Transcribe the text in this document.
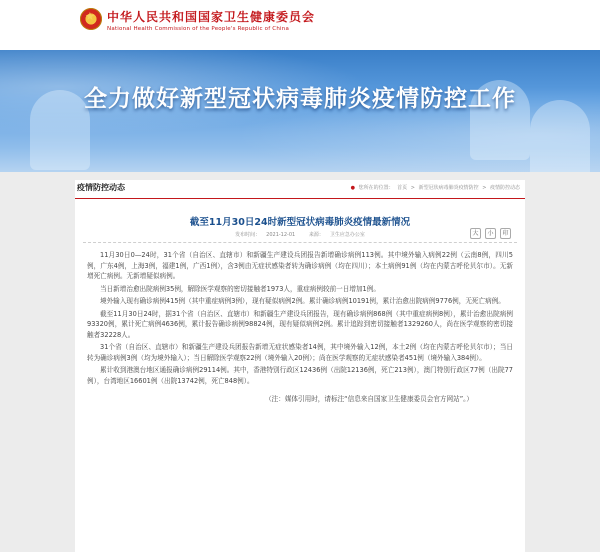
★
中华人民共和国国家卫生健康委员会
National Health Commission of the People's Republic of China
全力做好新型冠状病毒肺炎疫情防控工作
疫情防控动态	● 您所在的位置： 首页 > 新型冠状病毒肺炎疫情防控 > 疫情防控动态
截至11月30日24时新型冠状病毒肺炎疫情最新情况
发布时间： 2021-12-01	来源： 卫生应急办公室	大	小	印

11月30日0—24时，31个省（自治区、直辖市）和新疆生产建设兵团报告新增确诊病例113例。其中境外输入病例22例（云南8例，四川5例，广东4例，上海3例，福建1例，广西1例），含3例由无症状感染者转为确诊病例（均在四川）；本土病例91例（均在内蒙古呼伦贝尔市）。无新增死亡病例。无新增疑似病例。

当日新增治愈出院病例35例，解除医学观察的密切接触者1973人，重症病例较前一日增加1例。

境外输入现有确诊病例415例（其中重症病例3例），现有疑似病例2例。累计确诊病例10191例，累计治愈出院病例9776例，无死亡病例。

截至11月30日24时，据31个省（自治区、直辖市）和新疆生产建设兵团报告，现有确诊病例868例（其中重症病例8例），累计治愈出院病例93320例，累计死亡病例4636例，累计报告确诊病例98824例，现有疑似病例2例。累计追踪到密切接触者1329260人，尚在医学观察的密切接触者32228人。

31个省（自治区、直辖市）和新疆生产建设兵团报告新增无症状感染者14例，其中境外输入12例，本土2例（均在内蒙古呼伦贝尔市）；当日转为确诊病例3例（均为境外输入）；当日解除医学观察22例（境外输入20例）；尚在医学观察的无症状感染者451例（境外输入384例）。

累计收到港澳台地区通报确诊病例29114例。其中，香港特别行政区12436例（出院12136例，死亡213例），澳门特别行政区77例（出院77例），台湾地区16601例（出院13742例，死亡848例）。

（注：媒体引用时，请标注“信息来自国家卫生健康委员会官方网站”。）
